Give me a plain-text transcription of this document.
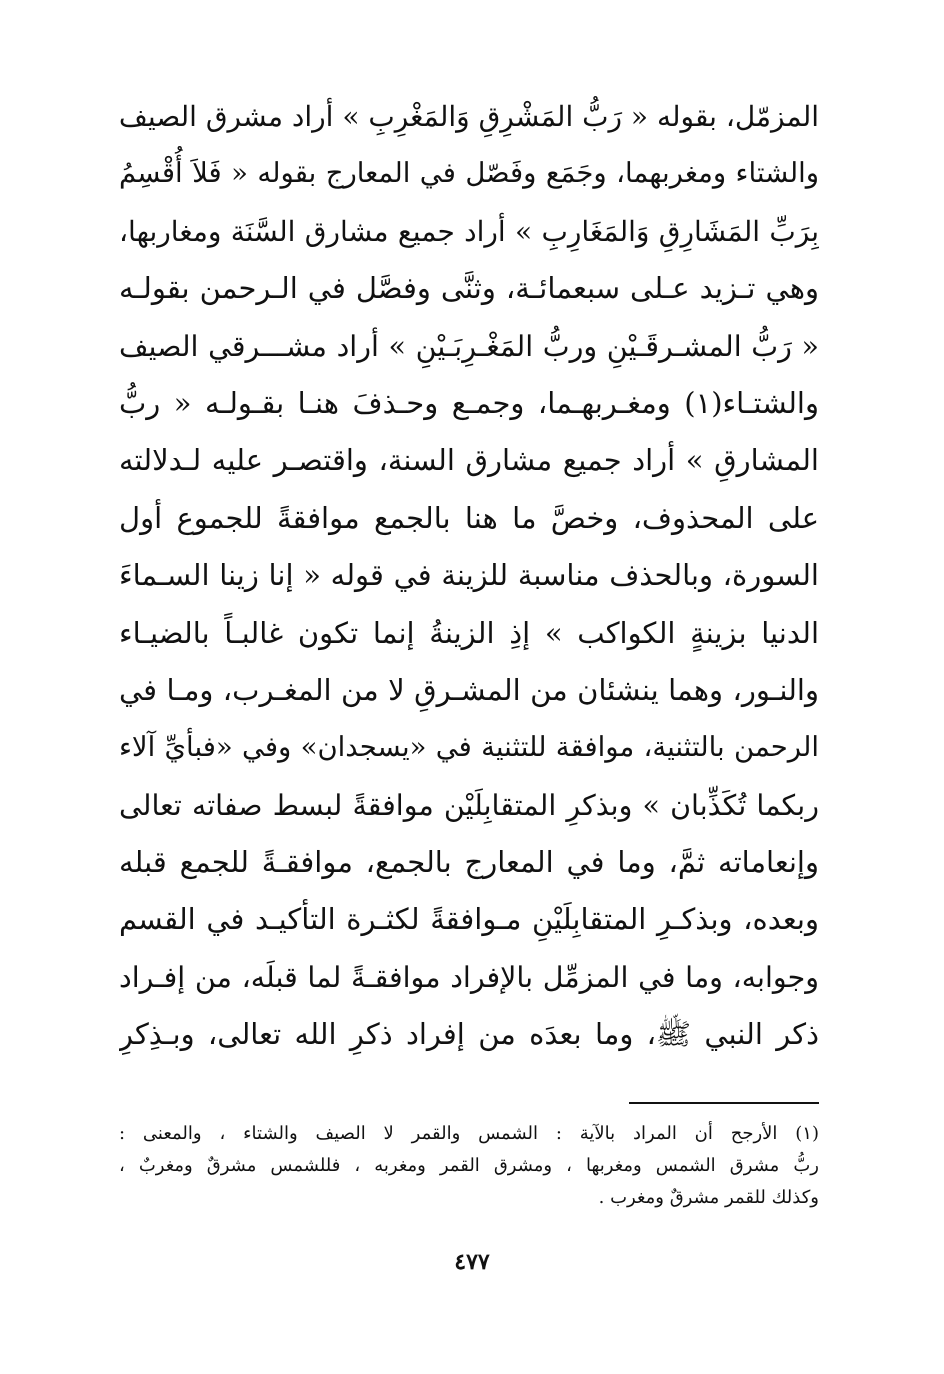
المزمّل، بقوله « رَبُّ المَشْرِقِ وَالمَغْرِبِ » أراد مشرق الصيف
والشتاء ومغربهما، وجَمَع وفَصّل في المعارج بقوله « فَلاَ أُقْسِمُ
بِرَبِّ المَشَارِقِ وَالمَغَارِبِ » أراد جميع مشارق السَّنَة ومغاربها،
وهي تـزيد عـلى سبعمائـة، وثنَّى وفصَّل في الـرحمن بقولـه
« رَبُّ المشـرقَـيْنِ وربُّ المَغْـرِبَـيْنِ » أراد مشـــرقي الصيف
والشتـاء(١) ومغـربهـما، وجمـع وحـذفَ هنـا بقـولـه « ربُّ
المشارقِ » أراد جميع مشارق السنة، واقتصـر عليه لـدلالته
على المحذوف، وخصَّ ما هنا بالجمع موافقةً للجموع أول
السورة، وبالحذف مناسبة للزينة في قوله « إنا زينا السـماءَ
الدنيا بزينةٍ الكواكب » إذِ الزينةُ إنما تكون غالبـاً بالضيـاء
والنـور، وهما ينشئان من المشـرقِ لا من المغـرب، ومـا في
الرحمن بالتثنية، موافقة للتثنية في «يسجدان» وفي «فبأيِّ آلاء
ربكما تُكَذِّبان » وبذكرِ المتقابِلَيْن موافقةً لبسط صفاته تعالى
وإنعاماته ثمَّ، وما في المعارج بالجمع، موافقـةً للجمع قبله
وبعده، وبذكـرِ المتقابِلَيْنِ مـوافقةً لكثـرة التأكيـد في القسم
وجوابه، وما في المزمِّل بالإفراد موافقـةً لما قبلَه، من إفـراد
ذكر النبي ﷺ، وما بعدَه من إفراد ذكرِ الله تعالى، وبـذِكرِ
(١) الأرجح أن المراد بالآية : الشمس والقمر لا الصيف والشتاء ، والمعنى :
ربُّ مشرق الشمس ومغربها ، ومشرق القمر ومغربه ، فللشمس مشرقٌ ومغربٌ ،
وكذلك للقمر مشرقٌ ومغرب .
٤٧٧
